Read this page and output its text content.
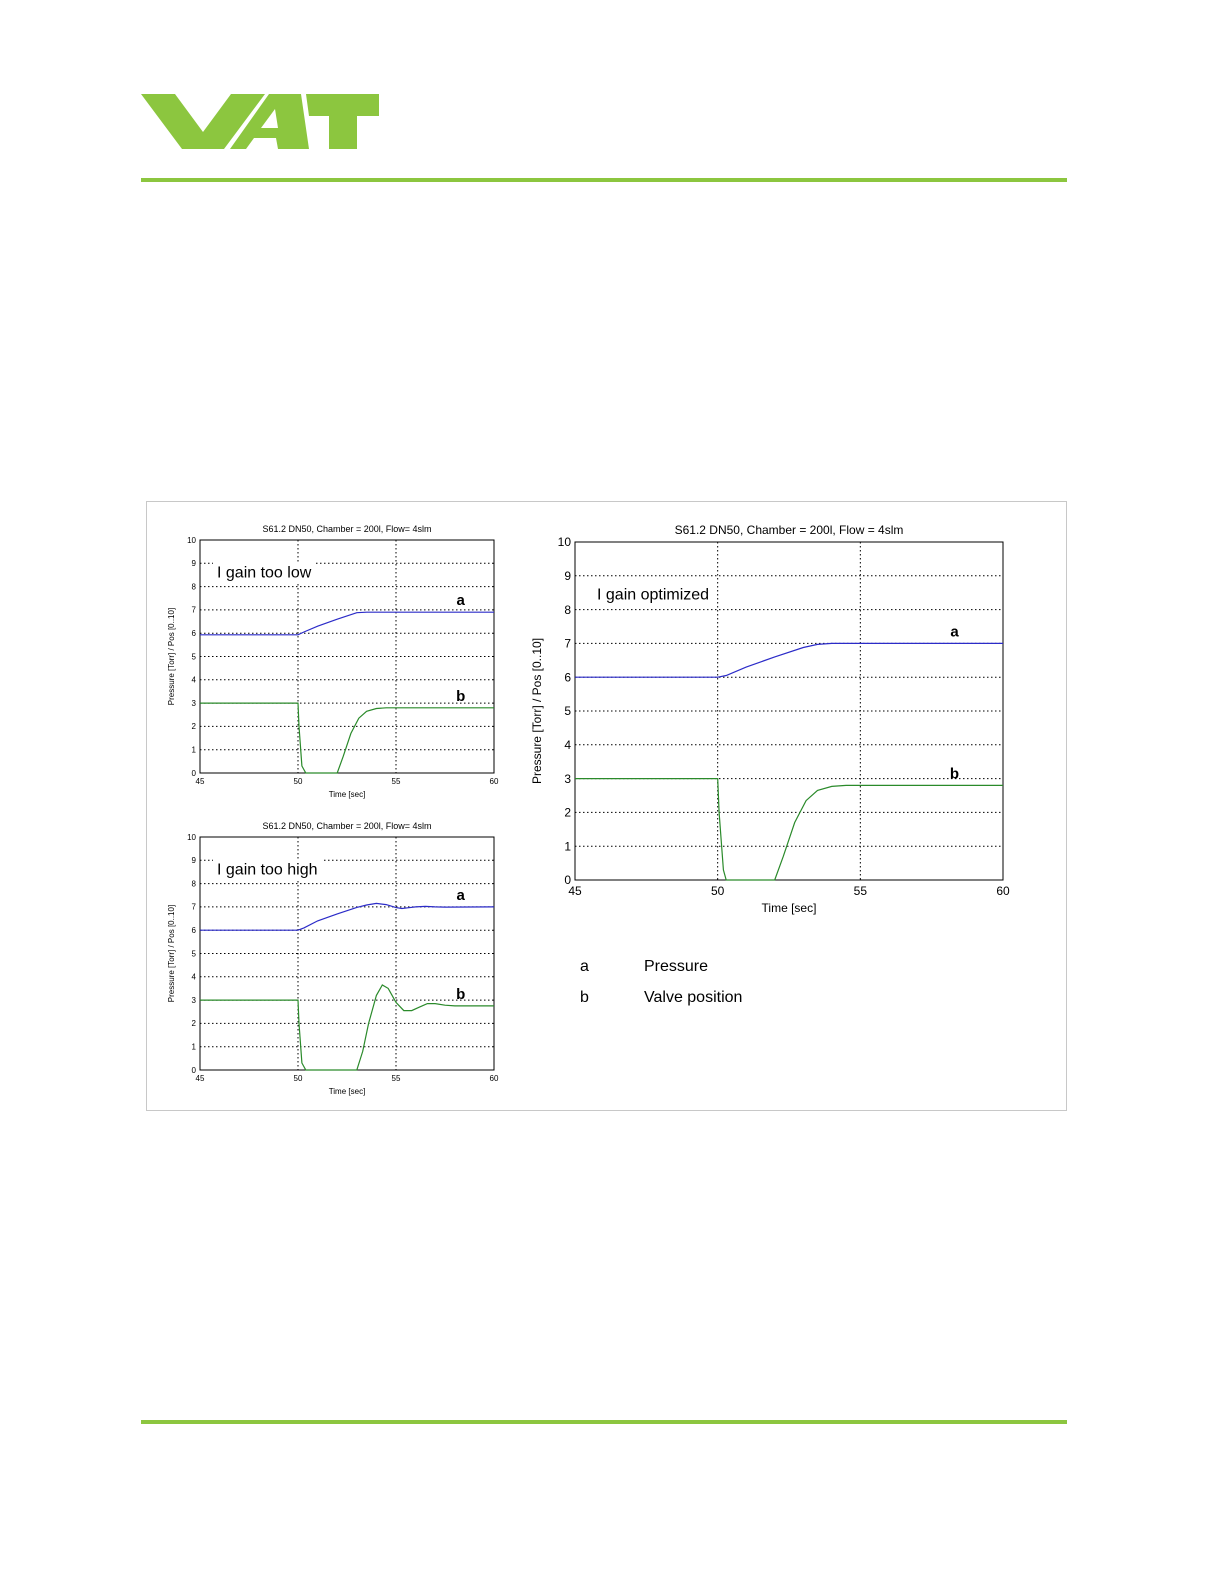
0
1
2
3
4
5
6
7
8
9
10
45	50	55	60
S61.2 DN50, Chamber = 200l, Flow= 4slm
Time [sec]
Pressure [Torr] / Pos [0..10]
I gain too low
a
b
0
1
2
3
4
5
6
7
8
9
10
45	50	55	60
S61.2 DN50, Chamber = 200l, Flow= 4slm
Time [sec]
Pressure [Torr] / Pos [0..10]
I gain too high
a
b
0
1
2
3
4
5
6
7
8
9
10
45	50	55	60
S61.2 DN50, Chamber = 200l, Flow = 4slm
Time [sec]
Pressure [Torr] / Pos [0..10]
I gain optimized
a
b
a	Pressure
b	Valve position
